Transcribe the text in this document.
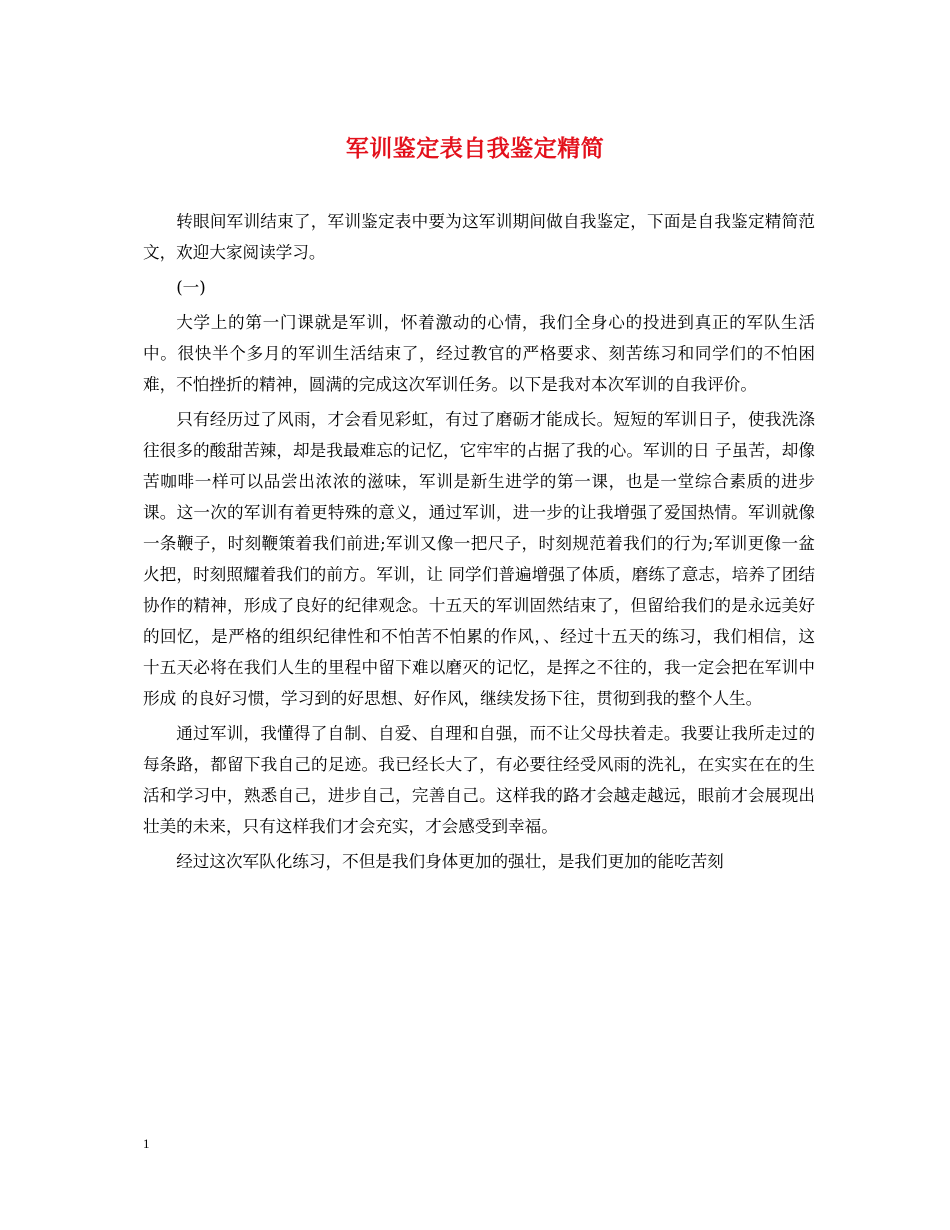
军训鉴定表自我鉴定精简

转眼间军训结束了，军训鉴定表中要为这军训期间做自我鉴定，下面是自我鉴定精简范文，欢迎大家阅读学习。

(一)

大学上的第一门课就是军训，怀着激动的心情，我们全身心的投进到真正的军队生活中。很快半个多月的军训生活结束了，经过教官的严格要求、刻苦练习和同学们的不怕困难，不怕挫折的精神，圆满的完成这次军训任务。以下是我对本次军训的自我评价。

只有经历过了风雨，才会看见彩虹，有过了磨砺才能成长。短短的军训日子，使我洗涤往很多的酸甜苦辣，却是我最难忘的记忆，它牢牢的占据了我的心。军训的日 子虽苦，却像苦咖啡一样可以品尝出浓浓的滋味，军训是新生进学的第一课，也是一堂综合素质的进步课。这一次的军训有着更特殊的意义，通过军训，进一步的让我增强了爱国热情。军训就像一条鞭子，时刻鞭策着我们前进;军训又像一把尺子，时刻规范着我们的行为;军训更像一盆火把，时刻照耀着我们的前方。军训，让 同学们普遍增强了体质，磨练了意志，培养了团结协作的精神，形成了良好的纪律观念。十五天的军训固然结束了，但留给我们的是永远美好的回忆，是严格的组织纪律性和不怕苦不怕累的作风，、经过十五天的练习，我们相信，这十五天必将在我们人生的里程中留下难以磨灭的记忆，是挥之不往的，我一定会把在军训中形成 的良好习惯，学习到的好思想、好作风，继续发扬下往，贯彻到我的整个人生。

通过军训，我懂得了自制、自爱、自理和自强，而不让父母扶着走。我要让我所走过的每条路，都留下我自己的足迹。我已经长大了，有必要往经受风雨的洗礼，在实实在在的生活和学习中，熟悉自己，进步自己，完善自己。这样我的路才会越走越远，眼前才会展现出壮美的未来，只有这样我们才会充实，才会感受到幸福。

经过这次军队化练习，不但是我们身体更加的强壮，是我们更加的能吃苦刻

1
